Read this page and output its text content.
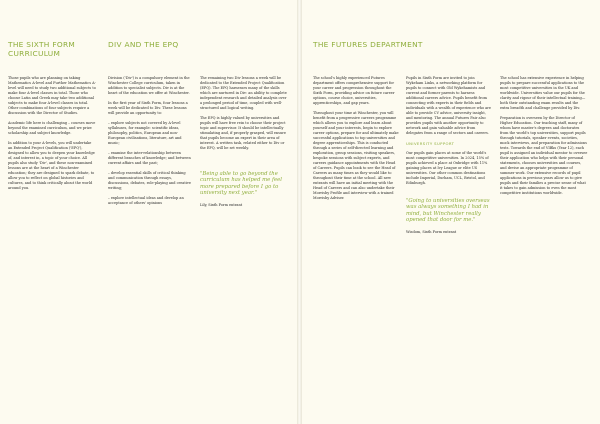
THE SIXTH FORM CURRICULUM
DIV AND THE EPQ

Those pupils who are planning on taking Mathematics A-level and Further Mathematics A-level will need to study two additional subjects to make four A-level classes in total. Those who choose Latin and Greek may take two additional subjects to make four A-level classes in total. Other combinations of four subjects require a discussion with the Director of Studies.

Academic life here is challenging – courses move beyond the examined curriculum, and we prize scholarship and subject knowledge.

In addition to your A-levels, you will undertake an Extended Project Qualification ('EPQ'), designed to allow you to deepen your knowledge of, and interest in, a topic of your choice. All pupils also study 'Div', and these non-examined lessons are at the heart of a Winchester education; they are designed to spark debate, to allow you to reflect on global histories and cultures, and to think critically about the world around you.

Division ('Div') is a compulsory element in the Winchester College curriculum, taken in addition to specialist subjects. Div is at the heart of the education we offer at Winchester.

In the first year of Sixth Form, four lessons a week will be dedicated to Div. These lessons will provide an opportunity to:

– explore subjects not covered by A-level syllabuses, for example: scientific ideas, philosophy, politics, European and non-European civilisations, literature, art and music;

– examine the inter-relationship between different branches of knowledge; and between current affairs and the past;

– develop essential skills of critical thinking and communication through essays, discussions, debates, role-playing and creative writing;

– explore intellectual ideas and develop an acceptance of others' opinions

The remaining two Div lessons a week will be dedicated to the Extended Project Qualification (EPQ). The EPQ harnesses many of the skills which are nurtured in Div: an ability to complete independent research and detailed analysis over a prolonged period of time, coupled with well-structured and logical writing.

The EPQ is highly valued by universities and pupils will have free rein to choose their project topic and supervisor. It should be intellectually stimulating and, if properly grasped, will ensure that pupils become an expert in their area of interest. A written task, related either to Div or the EPQ, will be set weekly.

"Being able to go beyond the curriculum has helped me feel more prepared before I go to university next year."
Lily, Sixth Form entrant
THE FUTURES DEPARTMENT

The school's highly experienced Futures department offers comprehensive support for your career and progression throughout the Sixth Form, providing advice on future career options, course choice, universities, apprenticeships, and gap years.

Throughout your time at Winchester, you will benefit from a progressive careers programme which allows you to explore and learn about yourself and your interests, begin to explore career options, prepare for and ultimately make successful applications to top universities and degree apprenticeships. This is conducted through a series of self-directed learning and exploration, group sessions, visiting speakers, bespoke sessions with subject experts, and careers guidance appointments with the Head of Careers. Pupils can book to see the Head of Careers as many times as they would like to throughout their time at the school. All new entrants will have an initial meeting with the Head of Careers and can also undertake their Morrisby Profile and interview with a trained Morrisby Adviser.

Pupils in Sixth Form are invited to join Wykeham Links, a networking platform for pupils to connect with Old Wykehamists and current and former parents to harness additional careers advice. Pupils benefit from connecting with experts in their fields and individuals with a wealth of experience who are able to provide CV advice, university insight, and mentoring. The annual Futures Fair also provides pupils with another opportunity to network and gain valuable advice from delegates from a range of sectors and careers.

UNIVERSITY SUPPORT

Our pupils gain places at some of the world's most competitive universities. In 2024, 15% of pupils achieved a place at Oxbridge with 11% gaining places at Ivy League or elite US universities. Our other common destinations include Imperial, Durham, UCL, Bristol, and Edinburgh.

"Going to universities overseas was always something I had in mind, but Winchester really opened that door for me."
Wisdom, Sixth Form entrant

The school has extensive experience in helping pupils to prepare successful applications to the most competitive universities in the UK and worldwide. Universities value our pupils for the clarity and rigour of their intellectual training—both their outstanding exam results and the extra breadth and challenge provided by Div.

Preparation is overseen by the Director of Higher Education. Our teaching staff, many of whom have master's degrees and doctorates from the world's top universities, support pupils through tutorials, speaker events, societies, mock interviews, and preparation for admissions tests. Towards the end of VIBks (Year 12), each pupil is assigned an individual mentor to oversee their application who helps with their personal statements, chooses universities and courses, and devise an appropriate programme of summer work. Our extensive records of pupil applications in previous years allow us to give pupils and their families a precise sense of what it takes to gain admission to even the most competitive institutions worldwide.
